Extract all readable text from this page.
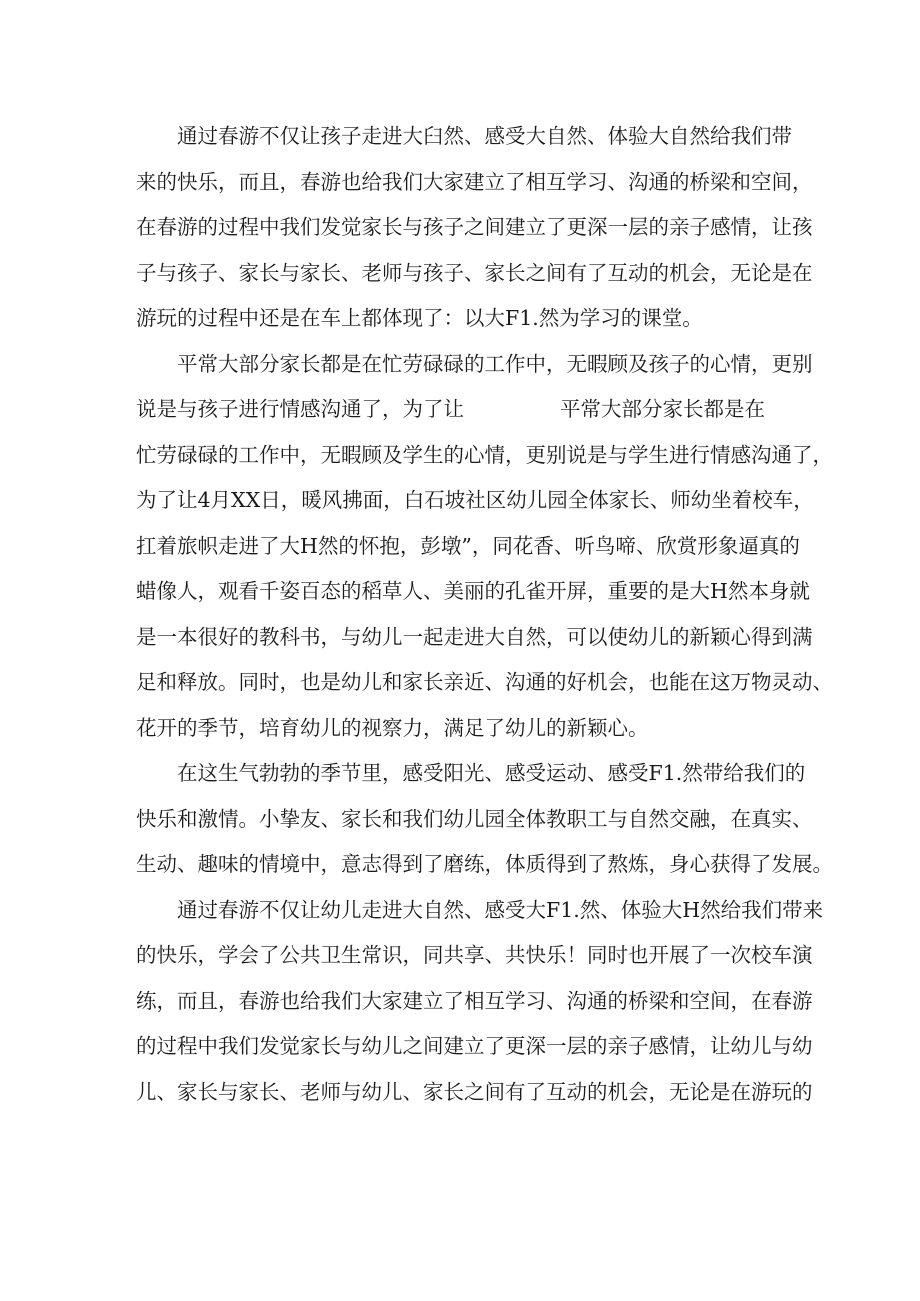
通过春游不仅让孩子走进大臼然、感受大自然、体验大自然给我们带
来的快乐，而且，春游也给我们大家建立了相互学习、沟通的桥梁和空间，
在春游的过程中我们发觉家长与孩子之间建立了更深一层的亲子感情，让孩
子与孩子、家长与家长、老师与孩子、家长之间有了互动的机会，无论是在
游玩的过程中还是在车上都体现了：以大F1.然为学习的课堂。
平常大部分家长都是在忙劳碌碌的工作中，无暇顾及孩子的心情，更别
说是与孩子进行情感沟通了，为了让	平常大部分家长都是在
忙劳碌碌的工作中，无暇顾及学生的心情，更别说是与学生进行情感沟通了，
为了让4月XX日，暖风拂面，白石坡社区幼儿园全体家长、师幼坐着校车，
扛着旅帜走进了大H然的怀抱，彭墩”，同花香、听鸟啼、欣赏形象逼真的
蜡像人，观看千姿百态的稻草人、美丽的孔雀开屏，重要的是大H然本身就
是一本很好的教科书，与幼儿一起走进大自然，可以使幼儿的新颖心得到满
足和释放。同时，也是幼儿和家长亲近、沟通的好机会，也能在这万物灵动、
花开的季节，培育幼儿的视察力，满足了幼儿的新颖心。
在这生气勃勃的季节里，感受阳光、感受运动、感受F1.然带给我们的
快乐和激情。小挚友、家长和我们幼儿园全体教职工与自然交融，在真实、
生动、趣味的情境中，意志得到了磨练，体质得到了熬炼，身心获得了发展。
通过春游不仅让幼儿走进大自然、感受大F1.然、体验大H然给我们带来
的快乐，学会了公共卫生常识，同共享、共快乐！同时也开展了一次校车演
练，而且，春游也给我们大家建立了相互学习、沟通的桥梁和空间，在春游
的过程中我们发觉家长与幼儿之间建立了更深一层的亲子感情，让幼儿与幼
儿、家长与家长、老师与幼儿、家长之间有了互动的机会，无论是在游玩的
